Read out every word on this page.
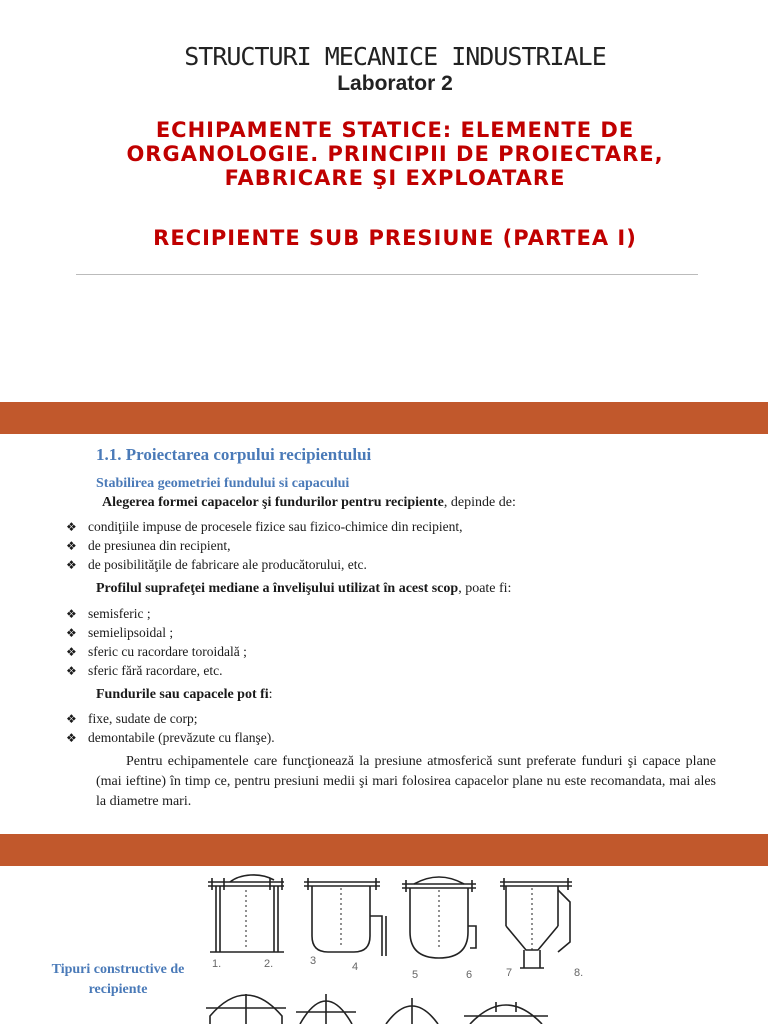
STRUCTURI MECANICE INDUSTRIALE
Laborator 2
ECHIPAMENTE STATICE: ELEMENTE DE ORGANOLOGIE. PRINCIPII DE PROIECTARE, FABRICARE ŞI EXPLOATARE
RECIPIENTE SUB PRESIUNE (PARTEA I)
1.1. Proiectarea corpului recipientului
Stabilirea geometriei fundului si capacului
Alegerea formei capacelor şi fundurilor pentru recipiente, depinde de:
❖ condiţiile impuse de procesele fizice sau fizico-chimice din recipient,
❖ de presiunea din recipient,
❖ de posibilităţile de fabricare ale producătorului, etc.
Profilul suprafeţei mediane a învelişului utilizat în acest scop, poate fi:
❖ semisferic ;
❖ semielipsoidal ;
❖ sferic cu racordare toroidală ;
❖ sferic fără racordare, etc.
Fundurile sau capacele pot fi:
❖ fixe, sudate de corp;
❖ demontabile (prevăzute cu flanşe).
Pentru echipamentele care funcţionează la presiune atmosferică sunt preferate funduri şi capace plane (mai ieftine) în timp ce, pentru presiuni medii şi mari folosirea capacelor plane nu este recomandata, mai ales la diametre mari.
Tipuri constructive de recipiente
1.	2.	3	4
5	6	7	8.
